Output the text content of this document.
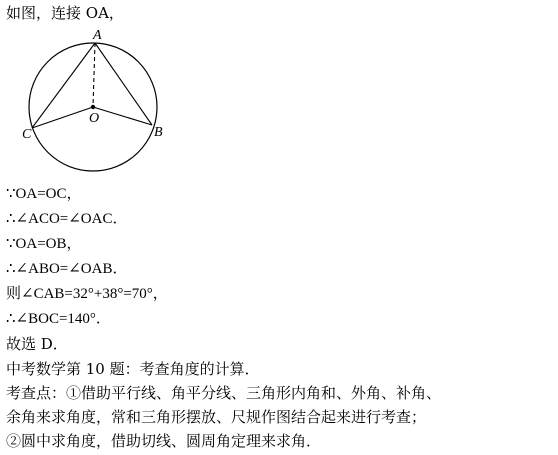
如图，连接 OA，
A
B
C
O
∵OA=OC，
∴∠ACO=∠OAC．
∵OA=OB，
∴∠ABO=∠OAB．
则∠CAB=32°+38°=70°，
∴∠BOC=140°．
故选 D．
中考数学第 10 题：考查角度的计算．
考查点：①借助平行线、角平分线、三角形内角和、外角、补角、
余角来求角度，常和三角形摆放、尺规作图结合起来进行考查；
②圆中求角度，借助切线、圆周角定理来求角．
